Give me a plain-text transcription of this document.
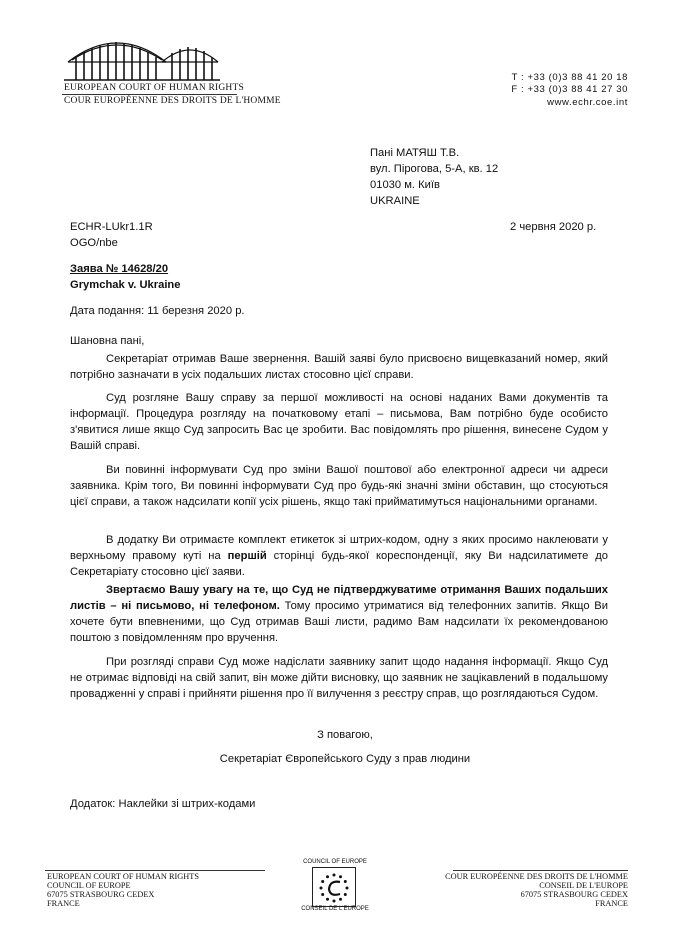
EUROPEAN COURT OF HUMAN RIGHTS
COUR EUROPÉENNE DES DROITS DE L'HOMME
T : +33 (0)3 88 41 20 18
F : +33 (0)3 88 41 27 30
www.echr.coe.int
Пані МАТЯШ Т.В.
вул. Пірогова, 5-А, кв. 12
01030 м. Київ
UKRAINE
ECHR-LUkr1.1R
OGO/nbe
2 червня 2020 р.
Заява № 14628/20
Grymchak v. Ukraine
Дата подання: 11 березня 2020 р.
Шановна пані,
Секретаріат отримав Ваше звернення. Вашій заяві було присвоєно вищевказаний номер, який потрібно зазначати в усіх подальших листах стосовно цієї справи.
Суд розгляне Вашу справу за першої можливості на основі наданих Вами документів та інформації. Процедура розгляду на початковому етапі – письмова, Вам потрібно буде особисто з'явитися лише якщо Суд запросить Вас це зробити. Вас повідомлять про рішення, винесене Судом у Вашій справі.
Ви повинні інформувати Суд про зміни Вашої поштової або електронної адреси чи адреси заявника. Крім того, Ви повинні інформувати Суд про будь-які значні зміни обставин, що стосуються цієї справи, а також надсилати копії усіх рішень, якщо такі прийматимуться національними органами.
В додатку Ви отримаєте комплект етикеток зі штрих-кодом, одну з яких просимо наклеювати у верхньому правому куті на першій сторінці будь-якої кореспонденції, яку Ви надсилатимете до Секретаріату стосовно цієї заяви.
Звертаємо Вашу увагу на те, що Суд не підтверджуватиме отримання Ваших подальших листів – ні письмово, ні телефоном. Тому просимо утриматися від телефонних запитів. Якщо Ви хочете бути впевненими, що Суд отримав Ваші листи, радимо Вам надсилати їх рекомендованою поштою з повідомленням про вручення.
При розгляді справи Суд може надіслати заявнику запит щодо надання інформації. Якщо Суд не отримає відповіді на свій запит, він може дійти висновку, що заявник не зацікавлений в подальшому провадженні у справі і прийняти рішення про її вилучення з реєстру справ, що розглядаються Судом.
З повагою,
Секретаріат Європейського Суду з прав людини
Додаток: Наклейки зі штрих-кодами
EUROPEAN COURT OF HUMAN RIGHTS
COUNCIL OF EUROPE
67075 STRASBOURG CEDEX
FRANCE
COUR EUROPÉENNE DES DROITS DE L'HOMME
CONSEIL DE L'EUROPE
67075 STRASBOURG CEDEX
FRANCE
COUNCIL OF EUROPE
CONSEIL DE L'EUROPE
